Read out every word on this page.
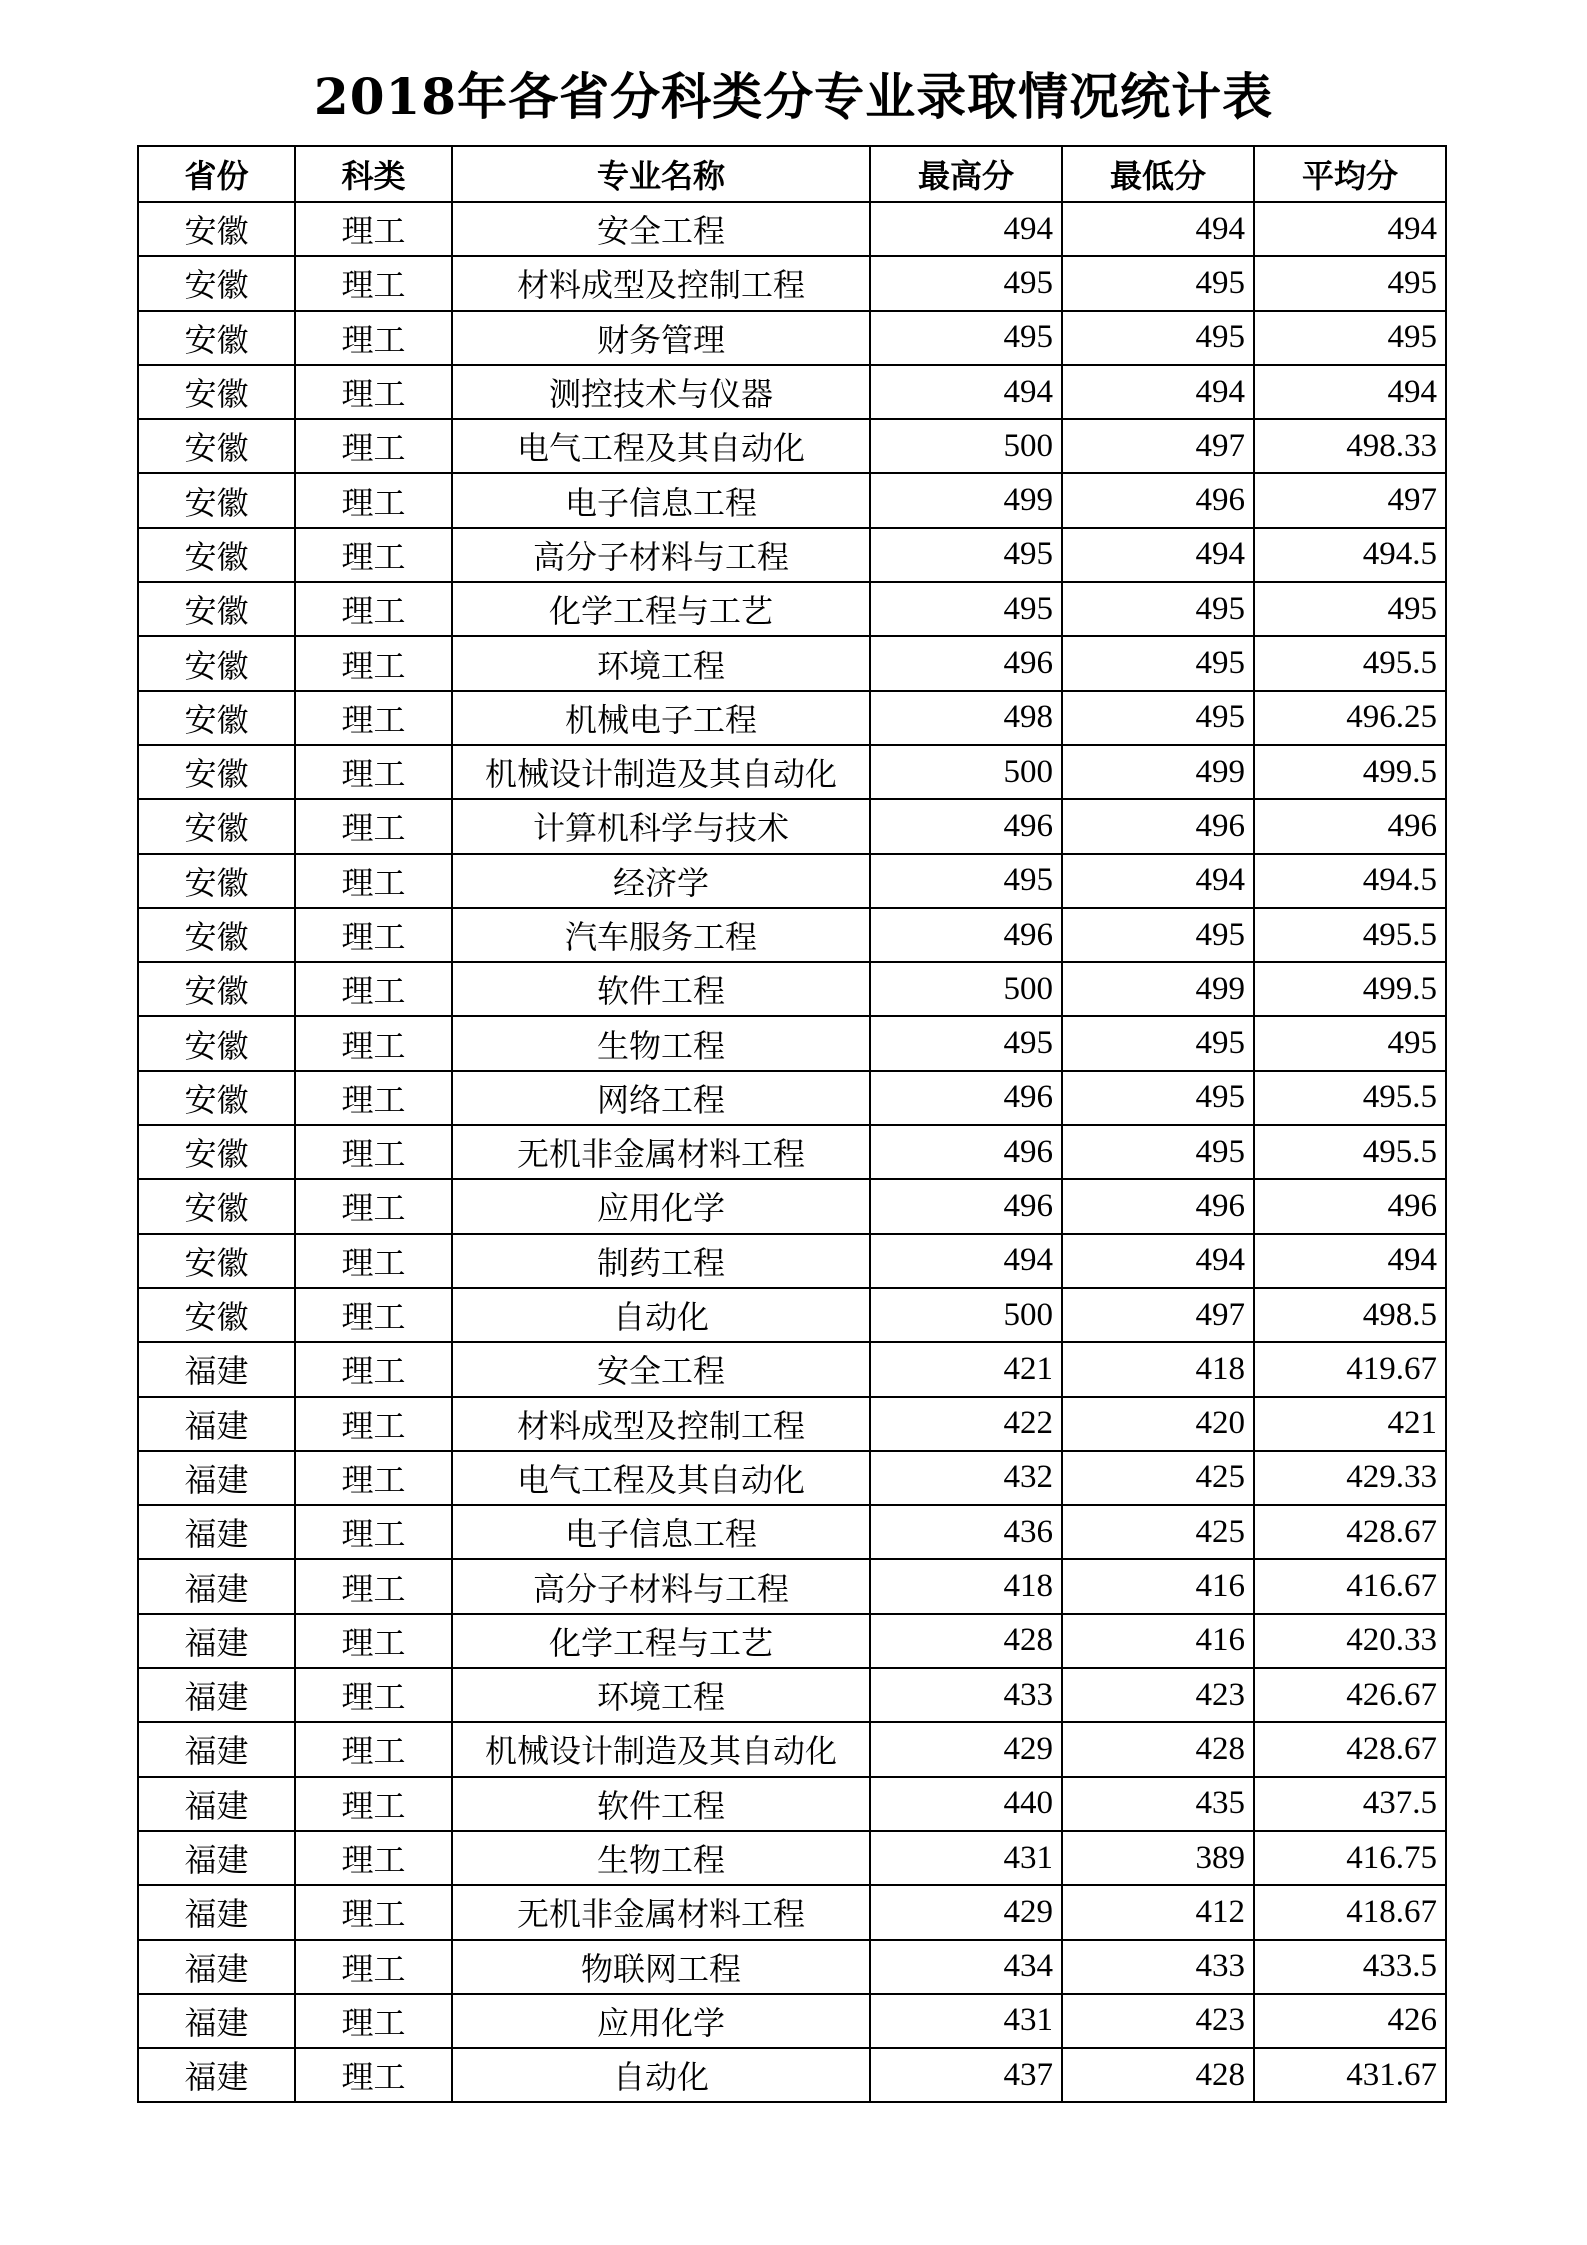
2018年各省分科类分专业录取情况统计表
省份	科类	专业名称	最高分	最低分	平均分
安徽	理工	安全工程	494	494	494
安徽	理工	材料成型及控制工程	495	495	495
安徽	理工	财务管理	495	495	495
安徽	理工	测控技术与仪器	494	494	494
安徽	理工	电气工程及其自动化	500	497	498.33
安徽	理工	电子信息工程	499	496	497
安徽	理工	高分子材料与工程	495	494	494.5
安徽	理工	化学工程与工艺	495	495	495
安徽	理工	环境工程	496	495	495.5
安徽	理工	机械电子工程	498	495	496.25
安徽	理工	机械设计制造及其自动化	500	499	499.5
安徽	理工	计算机科学与技术	496	496	496
安徽	理工	经济学	495	494	494.5
安徽	理工	汽车服务工程	496	495	495.5
安徽	理工	软件工程	500	499	499.5
安徽	理工	生物工程	495	495	495
安徽	理工	网络工程	496	495	495.5
安徽	理工	无机非金属材料工程	496	495	495.5
安徽	理工	应用化学	496	496	496
安徽	理工	制药工程	494	494	494
安徽	理工	自动化	500	497	498.5
福建	理工	安全工程	421	418	419.67
福建	理工	材料成型及控制工程	422	420	421
福建	理工	电气工程及其自动化	432	425	429.33
福建	理工	电子信息工程	436	425	428.67
福建	理工	高分子材料与工程	418	416	416.67
福建	理工	化学工程与工艺	428	416	420.33
福建	理工	环境工程	433	423	426.67
福建	理工	机械设计制造及其自动化	429	428	428.67
福建	理工	软件工程	440	435	437.5
福建	理工	生物工程	431	389	416.75
福建	理工	无机非金属材料工程	429	412	418.67
福建	理工	物联网工程	434	433	433.5
福建	理工	应用化学	431	423	426
福建	理工	自动化	437	428	431.67
